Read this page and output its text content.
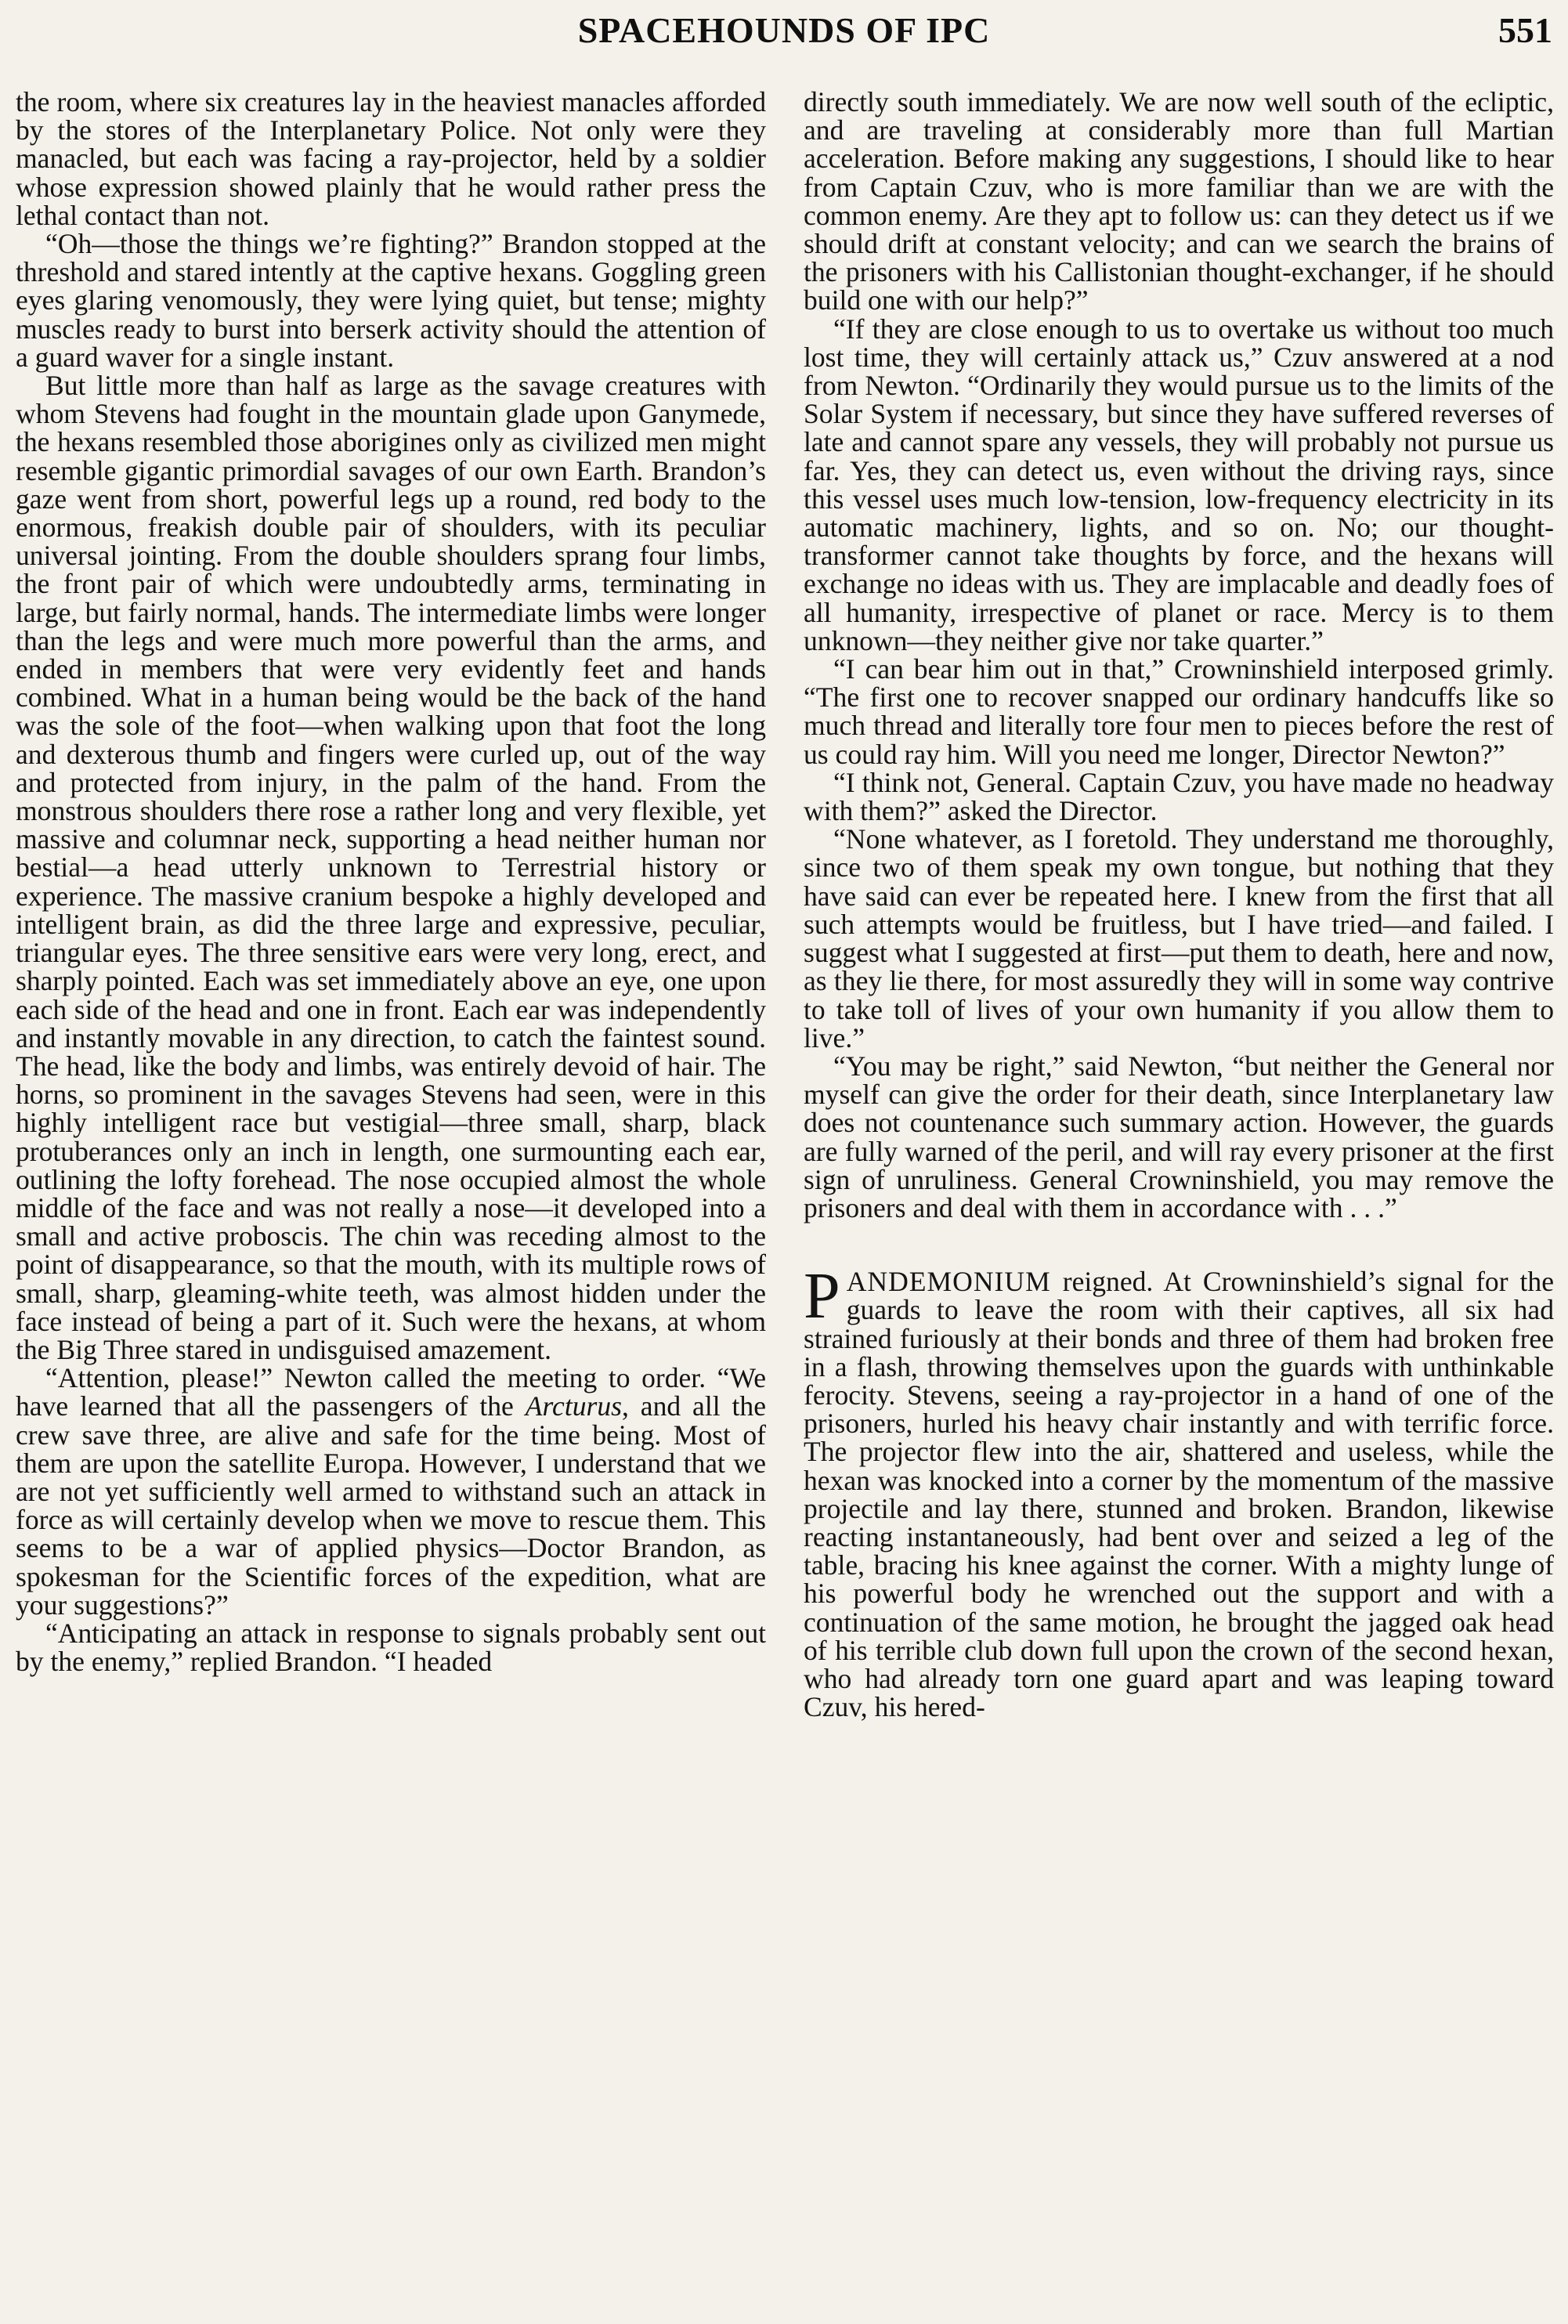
SPACEHOUNDS OF IPC	551

the room, where six creatures lay in the heaviest manacles afforded by the stores of the Interplanetary Police. Not only were they manacled, but each was facing a ray-projector, held by a soldier whose expression showed plainly that he would rather press the lethal contact than not.

“Oh—those the things we’re fighting?” Brandon stopped at the threshold and stared intently at the captive hexans. Goggling green eyes glaring venomously, they were lying quiet, but tense; mighty muscles ready to burst into berserk activity should the attention of a guard waver for a single instant.

But little more than half as large as the savage creatures with whom Stevens had fought in the mountain glade upon Ganymede, the hexans resembled those aborigines only as civilized men might resemble gigantic primordial savages of our own Earth. Brandon’s gaze went from short, powerful legs up a round, red body to the enormous, freakish double pair of shoulders, with its peculiar universal jointing. From the double shoulders sprang four limbs, the front pair of which were undoubtedly arms, terminating in large, but fairly normal, hands. The intermediate limbs were longer than the legs and were much more powerful than the arms, and ended in members that were very evidently feet and hands combined. What in a human being would be the back of the hand was the sole of the foot—when walking upon that foot the long and dexterous thumb and fingers were curled up, out of the way and protected from injury, in the palm of the hand. From the monstrous shoulders there rose a rather long and very flexible, yet massive and columnar neck, supporting a head neither human nor bestial—a head utterly unknown to Terrestrial history or experience. The massive cranium bespoke a highly developed and intelligent brain, as did the three large and expressive, peculiar, triangular eyes. The three sensitive ears were very long, erect, and sharply pointed. Each was set immediately above an eye, one upon each side of the head and one in front. Each ear was independently and instantly movable in any direction, to catch the faintest sound. The head, like the body and limbs, was entirely devoid of hair. The horns, so prominent in the savages Stevens had seen, were in this highly intelligent race but vestigial—three small, sharp, black protuberances only an inch in length, one surmounting each ear, outlining the lofty forehead. The nose occupied almost the whole middle of the face and was not really a nose—it developed into a small and active proboscis. The chin was receding almost to the point of disappearance, so that the mouth, with its multiple rows of small, sharp, gleaming-white teeth, was almost hidden under the face instead of being a part of it. Such were the hexans, at whom the Big Three stared in undisguised amazement.

“Attention, please!” Newton called the meeting to order. “We have learned that all the passengers of the Arcturus, and all the crew save three, are alive and safe for the time being. Most of them are upon the satellite Europa. However, I understand that we are not yet sufficiently well armed to withstand such an attack in force as will certainly develop when we move to rescue them. This seems to be a war of applied physics—Doctor Brandon, as spokesman for the Scientific forces of the expedition, what are your suggestions?”

“Anticipating an attack in response to signals probably sent out by the enemy,” replied Brandon. “I headed

directly south immediately. We are now well south of the ecliptic, and are traveling at considerably more than full Martian acceleration. Before making any suggestions, I should like to hear from Captain Czuv, who is more familiar than we are with the common enemy. Are they apt to follow us: can they detect us if we should drift at constant velocity; and can we search the brains of the prisoners with his Callistonian thought-exchanger, if he should build one with our help?”

“If they are close enough to us to overtake us without too much lost time, they will certainly attack us,” Czuv answered at a nod from Newton. “Ordinarily they would pursue us to the limits of the Solar System if necessary, but since they have suffered reverses of late and cannot spare any vessels, they will probably not pursue us far. Yes, they can detect us, even without the driving rays, since this vessel uses much low-tension, low-frequency electricity in its automatic machinery, lights, and so on. No; our thought-transformer cannot take thoughts by force, and the hexans will exchange no ideas with us. They are implacable and deadly foes of all humanity, irrespective of planet or race. Mercy is to them unknown—they neither give nor take quarter.”

“I can bear him out in that,” Crowninshield interposed grimly. “The first one to recover snapped our ordinary handcuffs like so much thread and literally tore four men to pieces before the rest of us could ray him. Will you need me longer, Director Newton?”

“I think not, General. Captain Czuv, you have made no headway with them?” asked the Director.

“None whatever, as I foretold. They understand me thoroughly, since two of them speak my own tongue, but nothing that they have said can ever be repeated here. I knew from the first that all such attempts would be fruitless, but I have tried—and failed. I suggest what I suggested at first—put them to death, here and now, as they lie there, for most assuredly they will in some way contrive to take toll of lives of your own humanity if you allow them to live.”

“You may be right,” said Newton, “but neither the General nor myself can give the order for their death, since Interplanetary law does not countenance such summary action. However, the guards are fully warned of the peril, and will ray every prisoner at the first sign of unruliness. General Crowninshield, you may remove the prisoners and deal with them in accordance with . . .”

PANDEMONIUM reigned. At Crowninshield’s signal for the guards to leave the room with their captives, all six had strained furiously at their bonds and three of them had broken free in a flash, throwing themselves upon the guards with unthinkable ferocity. Stevens, seeing a ray-projector in a hand of one of the prisoners, hurled his heavy chair instantly and with terrific force. The projector flew into the air, shattered and useless, while the hexan was knocked into a corner by the momentum of the massive projectile and lay there, stunned and broken. Brandon, likewise reacting instantaneously, had bent over and seized a leg of the table, bracing his knee against the corner. With a mighty lunge of his powerful body he wrenched out the support and with a continuation of the same motion, he brought the jagged oak head of his terrible club down full upon the crown of the second hexan, who had already torn one guard apart and was leaping toward Czuv, his hered-
